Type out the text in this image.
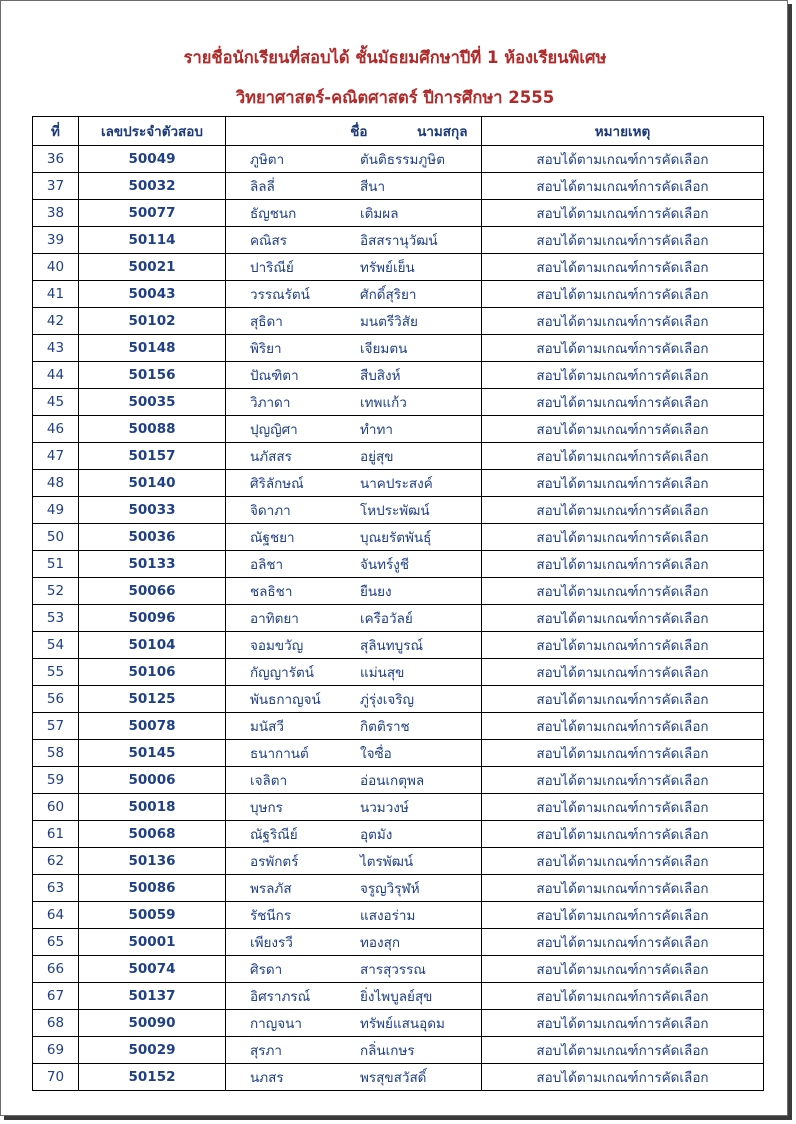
รายชื่อนักเรียนที่สอบได้ ชั้นมัธยมศึกษาปีที่ 1 ห้องเรียนพิเศษ
วิทยาศาสตร์-คณิตศาสตร์ ปีการศึกษา 2555
ที่	เลขประจำตัวสอบ	ชื่อ นามสกุล	หมายเหตุ
36	50049	ภูษิตา ตันติธรรมภูษิต	สอบได้ตามเกณฑ์การคัดเลือก
37	50032	ลิลลี่ สีนา	สอบได้ตามเกณฑ์การคัดเลือก
38	50077	ธัญชนก เติมผล	สอบได้ตามเกณฑ์การคัดเลือก
39	50114	คณิสร อิสสรานุวัฒน์	สอบได้ตามเกณฑ์การคัดเลือก
40	50021	ปาริณีย์ ทรัพย์เย็น	สอบได้ตามเกณฑ์การคัดเลือก
41	50043	วรรณรัตน์ ศักดิ์สุริยา	สอบได้ตามเกณฑ์การคัดเลือก
42	50102	สุธิดา มนตรีวิสัย	สอบได้ตามเกณฑ์การคัดเลือก
43	50148	พิริยา เจียมตน	สอบได้ตามเกณฑ์การคัดเลือก
44	50156	ปัณฑิตา สืบสิงห์	สอบได้ตามเกณฑ์การคัดเลือก
45	50035	วิภาดา เทพแก้ว	สอบได้ตามเกณฑ์การคัดเลือก
46	50088	ปุญญิศา ทำทา	สอบได้ตามเกณฑ์การคัดเลือก
47	50157	นภัสสร อยู่สุข	สอบได้ตามเกณฑ์การคัดเลือก
48	50140	ศิริลักษณ์ นาคประสงค์	สอบได้ตามเกณฑ์การคัดเลือก
49	50033	จิดาภา โหประพัฒน์	สอบได้ตามเกณฑ์การคัดเลือก
50	50036	ณัฐชยา บุณยรัตพันธุ์	สอบได้ตามเกณฑ์การคัดเลือก
51	50133	อลิชา จันทร์งูชี	สอบได้ตามเกณฑ์การคัดเลือก
52	50066	ชลธิชา ยืนยง	สอบได้ตามเกณฑ์การคัดเลือก
53	50096	อาทิตยา เครือวัลย์	สอบได้ตามเกณฑ์การคัดเลือก
54	50104	จอมขวัญ สุลินทบูรณ์	สอบได้ตามเกณฑ์การคัดเลือก
55	50106	กัญญารัตน์ แม่นสุข	สอบได้ตามเกณฑ์การคัดเลือก
56	50125	พันธกาญจน์ ภู่รุ่งเจริญ	สอบได้ตามเกณฑ์การคัดเลือก
57	50078	มนัสวี กิตติราช	สอบได้ตามเกณฑ์การคัดเลือก
58	50145	ธนากานต์ ใจซื่อ	สอบได้ตามเกณฑ์การคัดเลือก
59	50006	เจลิตา อ่อนเกตุพล	สอบได้ตามเกณฑ์การคัดเลือก
60	50018	บุษกร นวมวงษ์	สอบได้ตามเกณฑ์การคัดเลือก
61	50068	ณัฐริณีย์ อุตมัง	สอบได้ตามเกณฑ์การคัดเลือก
62	50136	อรพักตร์ ไตรพัฒน์	สอบได้ตามเกณฑ์การคัดเลือก
63	50086	พรลภัส จรูญวิรุฬห์	สอบได้ตามเกณฑ์การคัดเลือก
64	50059	รัชนีกร แสงอร่าม	สอบได้ตามเกณฑ์การคัดเลือก
65	50001	เพียงรวี ทองสุก	สอบได้ตามเกณฑ์การคัดเลือก
66	50074	ศิรดา สารสุวรรณ	สอบได้ตามเกณฑ์การคัดเลือก
67	50137	อิศราภรณ์ ยิ่งไพบูลย์สุข	สอบได้ตามเกณฑ์การคัดเลือก
68	50090	กาญจนา ทรัพย์แสนอุดม	สอบได้ตามเกณฑ์การคัดเลือก
69	50029	สุรภา กลิ่นเกษร	สอบได้ตามเกณฑ์การคัดเลือก
70	50152	นภสร พรสุขสวัสดิ์	สอบได้ตามเกณฑ์การคัดเลือก
